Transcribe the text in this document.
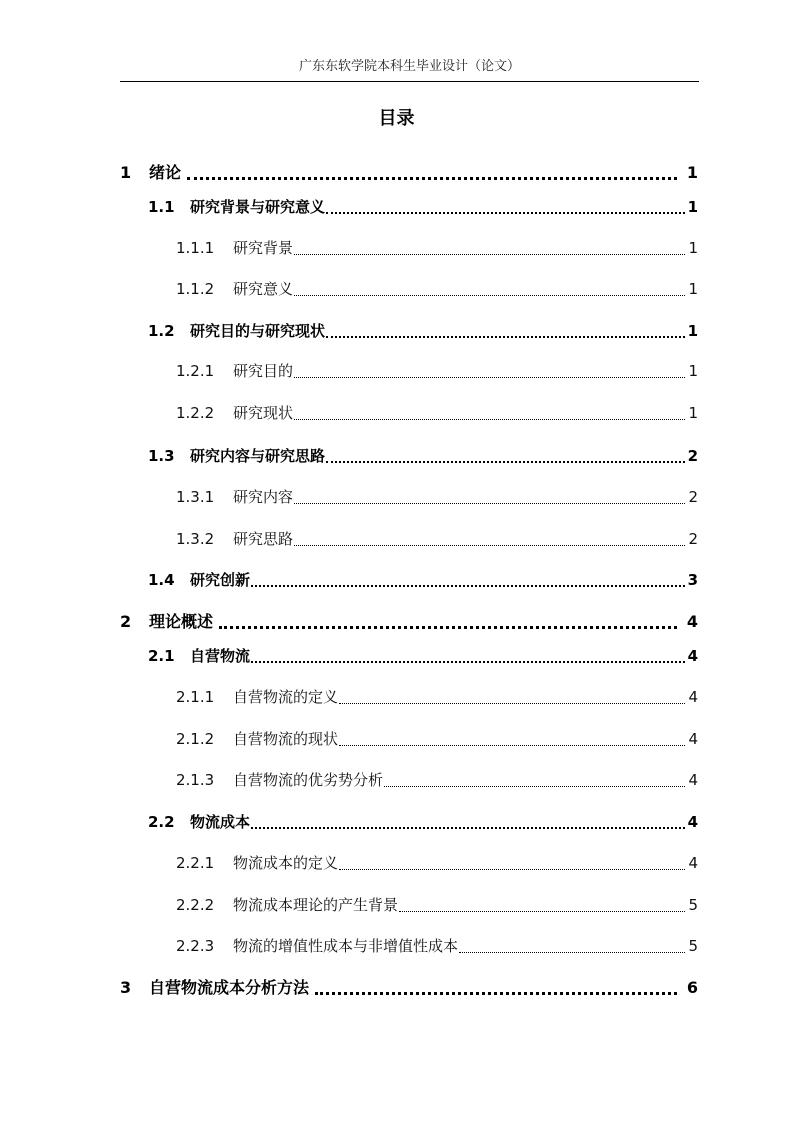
广东东软学院本科生毕业设计（论文）
目录
1	绪论	1
1.1	研究背景与研究意义	1
1.1.1	研究背景	1
1.1.2	研究意义	1
1.2	研究目的与研究现状	1
1.2.1	研究目的	1
1.2.2	研究现状	1
1.3	研究内容与研究思路	2
1.3.1	研究内容	2
1.3.2	研究思路	2
1.4	研究创新	3
2	理论概述	4
2.1	自营物流	4
2.1.1	自营物流的定义	4
2.1.2	自营物流的现状	4
2.1.3	自营物流的优劣势分析	4
2.2	物流成本	4
2.2.1	物流成本的定义	4
2.2.2	物流成本理论的产生背景	5
2.2.3	物流的增值性成本与非增值性成本	5
3	自营物流成本分析方法	6
